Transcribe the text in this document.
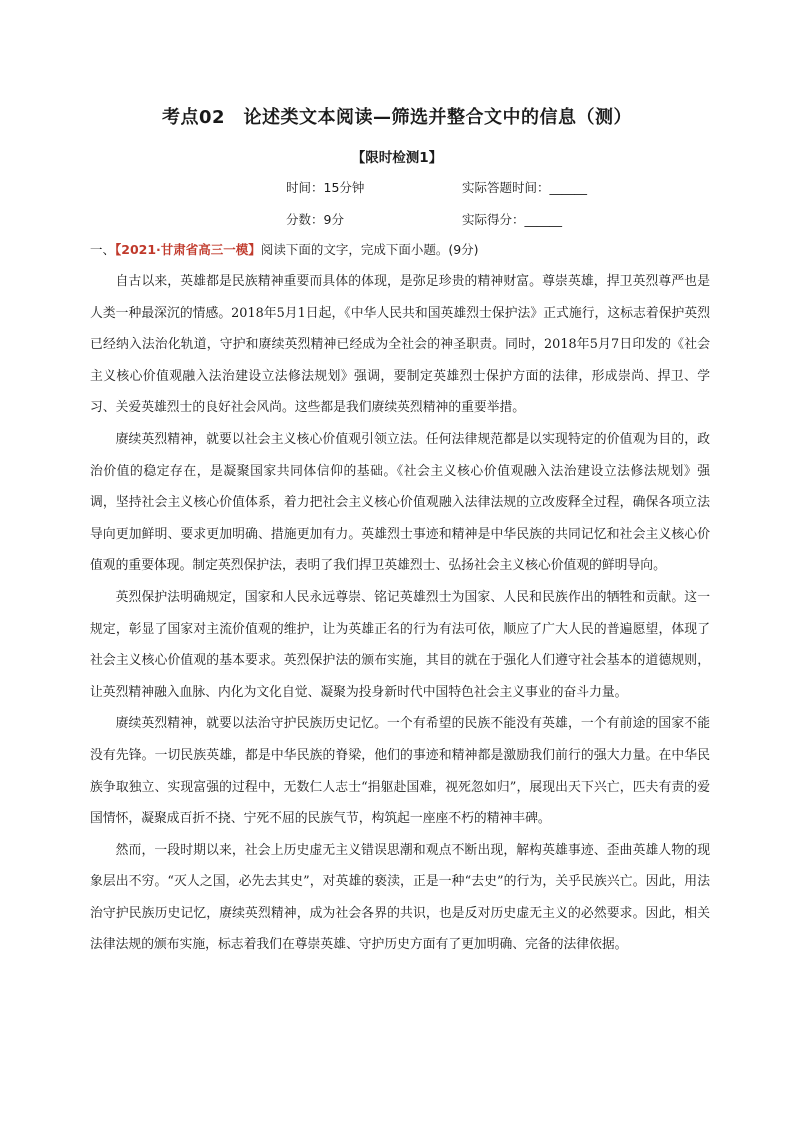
考点02　论述类文本阅读—筛选并整合文中的信息（测）
【限时检测1】
时间：15分钟	实际答题时间：______
分数：9分	实际得分：______
一、【2021·甘肃省高三一模】阅读下面的文字，完成下面小题。(9分)

自古以来，英雄都是民族精神重要而具体的体现，是弥足珍贵的精神财富。尊崇英雄，捍卫英烈尊严也是人类一种最深沉的情感。2018年5月1日起，《中华人民共和国英雄烈士保护法》正式施行，这标志着保护英烈已经纳入法治化轨道，守护和赓续英烈精神已经成为全社会的神圣职责。同时，2018年5月7日印发的《社会主义核心价值观融入法治建设立法修法规划》强调，要制定英雄烈士保护方面的法律，形成崇尚、捍卫、学习、关爱英雄烈士的良好社会风尚。这些都是我们赓续英烈精神的重要举措。

赓续英烈精神，就要以社会主义核心价值观引领立法。任何法律规范都是以实现特定的价值观为目的，政治价值的稳定存在，是凝聚国家共同体信仰的基础。《社会主义核心价值观融入法治建设立法修法规划》强调，坚持社会主义核心价值体系，着力把社会主义核心价值观融入法律法规的立改废释全过程，确保各项立法导向更加鲜明、要求更加明确、措施更加有力。英雄烈士事迹和精神是中华民族的共同记忆和社会主义核心价值观的重要体现。制定英烈保护法，表明了我们捍卫英雄烈士、弘扬社会主义核心价值观的鲜明导向。

英烈保护法明确规定，国家和人民永远尊崇、铭记英雄烈士为国家、人民和民族作出的牺牲和贡献。这一规定，彰显了国家对主流价值观的维护，让为英雄正名的行为有法可依，顺应了广大人民的普遍愿望，体现了社会主义核心价值观的基本要求。英烈保护法的颁布实施，其目的就在于强化人们遵守社会基本的道德规则，让英烈精神融入血脉、内化为文化自觉、凝聚为投身新时代中国特色社会主义事业的奋斗力量。

赓续英烈精神，就要以法治守护民族历史记忆。一个有希望的民族不能没有英雄，一个有前途的国家不能没有先锋。一切民族英雄，都是中华民族的脊梁，他们的事迹和精神都是激励我们前行的强大力量。在中华民族争取独立、实现富强的过程中，无数仁人志士“捐躯赴国难，视死忽如归”，展现出天下兴亡，匹夫有责的爱国情怀，凝聚成百折不挠、宁死不屈的民族气节，构筑起一座座不朽的精神丰碑。

然而，一段时期以来，社会上历史虚无主义错误思潮和观点不断出现，解构英雄事迹、歪曲英雄人物的现象层出不穷。“灭人之国，必先去其史”，对英雄的亵渎，正是一种“去史”的行为，关乎民族兴亡。因此，用法治守护民族历史记忆，赓续英烈精神，成为社会各界的共识，也是反对历史虚无主义的必然要求。因此，相关法律法规的颁布实施，标志着我们在尊崇英雄、守护历史方面有了更加明确、完备的法律依据。
